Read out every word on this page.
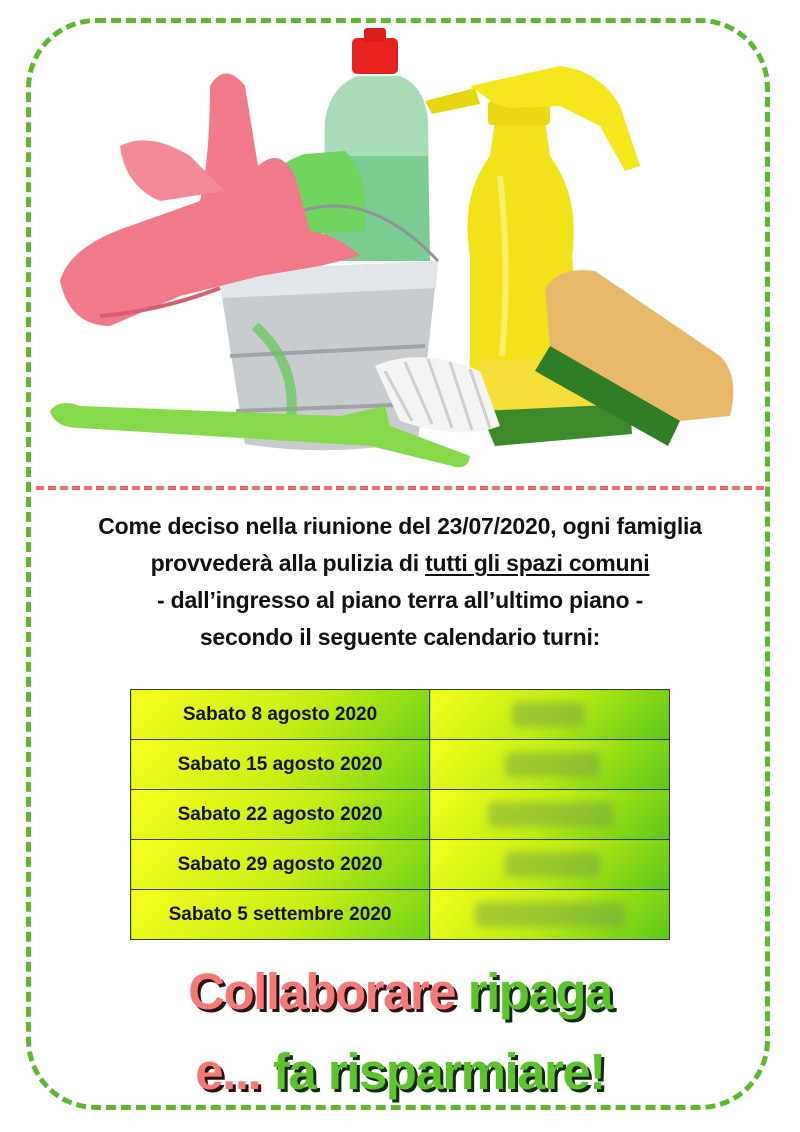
Come deciso nella riunione del 23/07/2020, ogni famiglia
provvederà alla pulizia di tutti gli spazi comuni
- dall’ingresso al piano terra all’ultimo piano -
secondo il seguente calendario turni:
Sabato 8 agosto 2020	

Sabato 15 agosto 2020	

Sabato 22 agosto 2020	

Sabato 29 agosto 2020	

Sabato 5 settembre 2020	
Collaborare ripaga
e... fa risparmiare!
